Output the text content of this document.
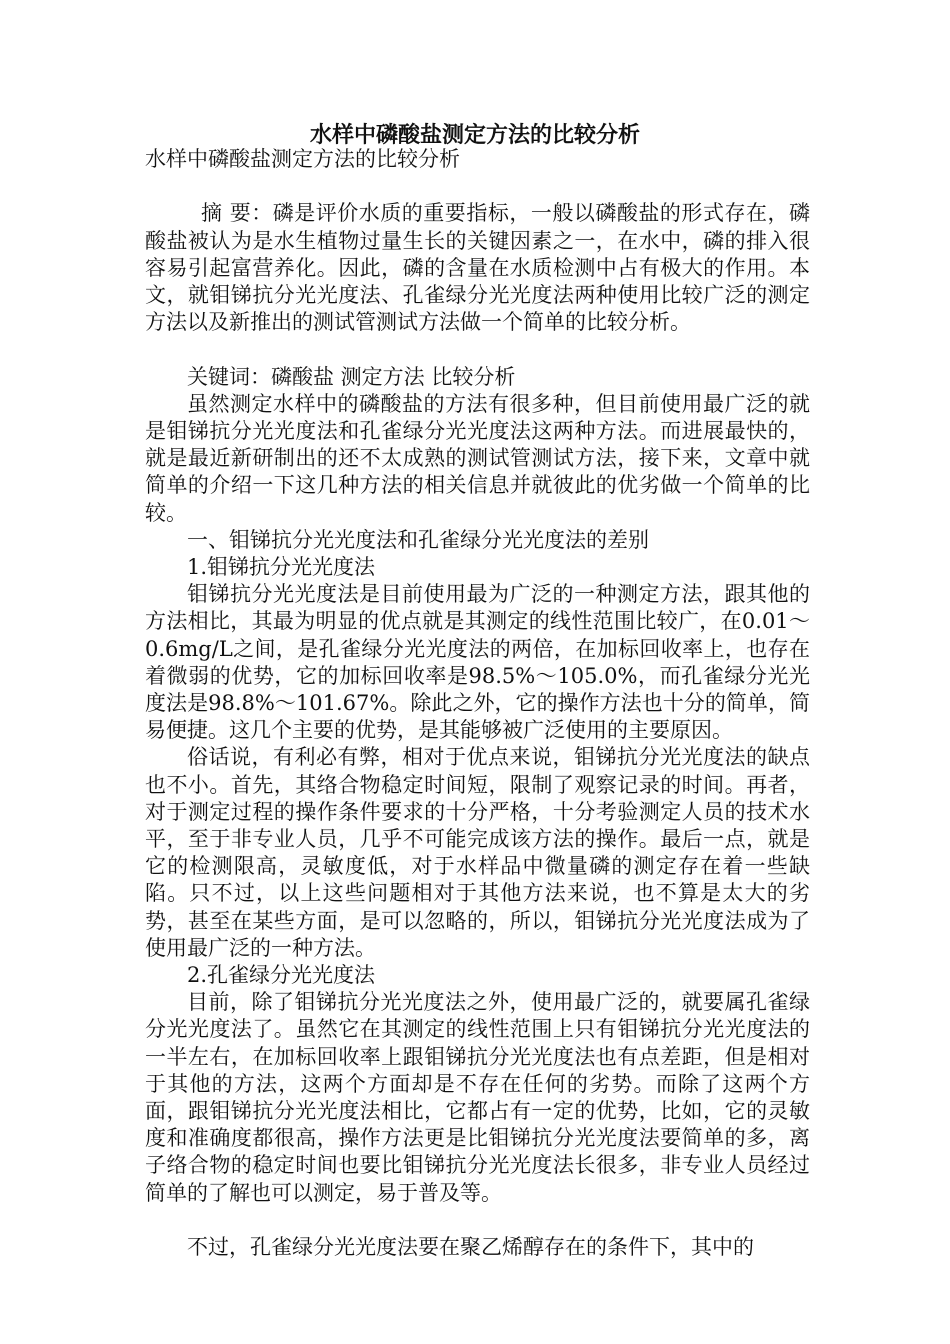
水样中磷酸盐测定方法的比较分析

水样中磷酸盐测定方法的比较分析

摘 要：磷是评价水质的重要指标，一般以磷酸盐的形式存在，磷酸盐被认为是水生植物过量生长的关键因素之一，在水中，磷的排入很容易引起富营养化。因此，磷的含量在水质检测中占有极大的作用。本文，就钼锑抗分光光度法、孔雀绿分光光度法两种使用比较广泛的测定方法以及新推出的测试管测试方法做一个简单的比较分析。

关键词：磷酸盐 测定方法 比较分析

虽然测定水样中的磷酸盐的方法有很多种，但目前使用最广泛的就是钼锑抗分光光度法和孔雀绿分光光度法这两种方法。而进展最快的，就是最近新研制出的还不太成熟的测试管测试方法，接下来，文章中就简单的介绍一下这几种方法的相关信息并就彼此的优劣做一个简单的比较。

一、钼锑抗分光光度法和孔雀绿分光光度法的差别

1.钼锑抗分光光度法

钼锑抗分光光度法是目前使用最为广泛的一种测定方法，跟其他的方法相比，其最为明显的优点就是其测定的线性范围比较广，在0.01～0.6mg/L之间，是孔雀绿分光光度法的两倍，在加标回收率上，也存在着微弱的优势，它的加标回收率是98.5%～105.0%，而孔雀绿分光光度法是98.8%～101.67%。除此之外，它的操作方法也十分的简单，简易便捷。这几个主要的优势，是其能够被广泛使用的主要原因。

俗话说，有利必有弊，相对于优点来说，钼锑抗分光光度法的缺点也不小。首先，其络合物稳定时间短，限制了观察记录的时间。再者，对于测定过程的操作条件要求的十分严格，十分考验测定人员的技术水平，至于非专业人员，几乎不可能完成该方法的操作。最后一点，就是它的检测限高，灵敏度低，对于水样品中微量磷的测定存在着一些缺陷。只不过，以上这些问题相对于其他方法来说，也不算是太大的劣势，甚至在某些方面，是可以忽略的，所以，钼锑抗分光光度法成为了使用最广泛的一种方法。

2.孔雀绿分光光度法

目前，除了钼锑抗分光光度法之外，使用最广泛的，就要属孔雀绿分光光度法了。虽然它在其测定的线性范围上只有钼锑抗分光光度法的一半左右，在加标回收率上跟钼锑抗分光光度法也有点差距，但是相对于其他的方法，这两个方面却是不存在任何的劣势。而除了这两个方面，跟钼锑抗分光光度法相比，它都占有一定的优势，比如，它的灵敏度和准确度都很高，操作方法更是比钼锑抗分光光度法要简单的多，离子络合物的稳定时间也要比钼锑抗分光光度法长很多，非专业人员经过简单的了解也可以测定，易于普及等。

不过，孔雀绿分光光度法要在聚乙烯醇存在的条件下，其中的
